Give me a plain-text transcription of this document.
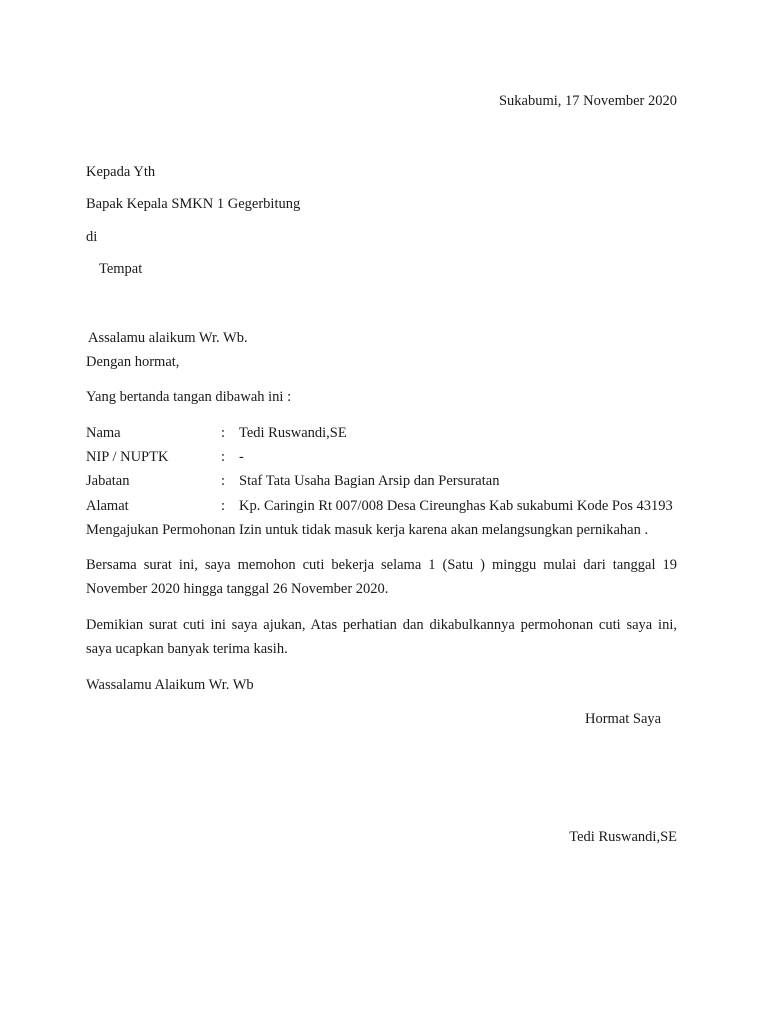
Sukabumi, 17 November 2020
Kepada Yth
Bapak Kepala SMKN 1 Gegerbitung
di
Tempat
Assalamu alaikum Wr. Wb.
Dengan hormat,
Yang bertanda tangan dibawah ini :
Nama	: Tedi Ruswandi,SE
NIP / NUPTK	: -
Jabatan	: Staf Tata Usaha Bagian Arsip dan Persuratan
Alamat	: Kp. Caringin Rt 007/008 Desa Cireunghas Kab sukabumi Kode Pos 43193
Mengajukan Permohonan Izin untuk tidak masuk kerja karena akan melangsungkan pernikahan .
Bersama surat ini, saya memohon cuti bekerja selama 1 (Satu ) minggu mulai dari tanggal 19 November 2020 hingga tanggal 26 November 2020.
Demikian surat cuti ini saya ajukan, Atas perhatian dan dikabulkannya permohonan cuti saya ini, saya ucapkan banyak terima kasih.
Wassalamu Alaikum Wr. Wb
Hormat Saya
Tedi Ruswandi,SE
